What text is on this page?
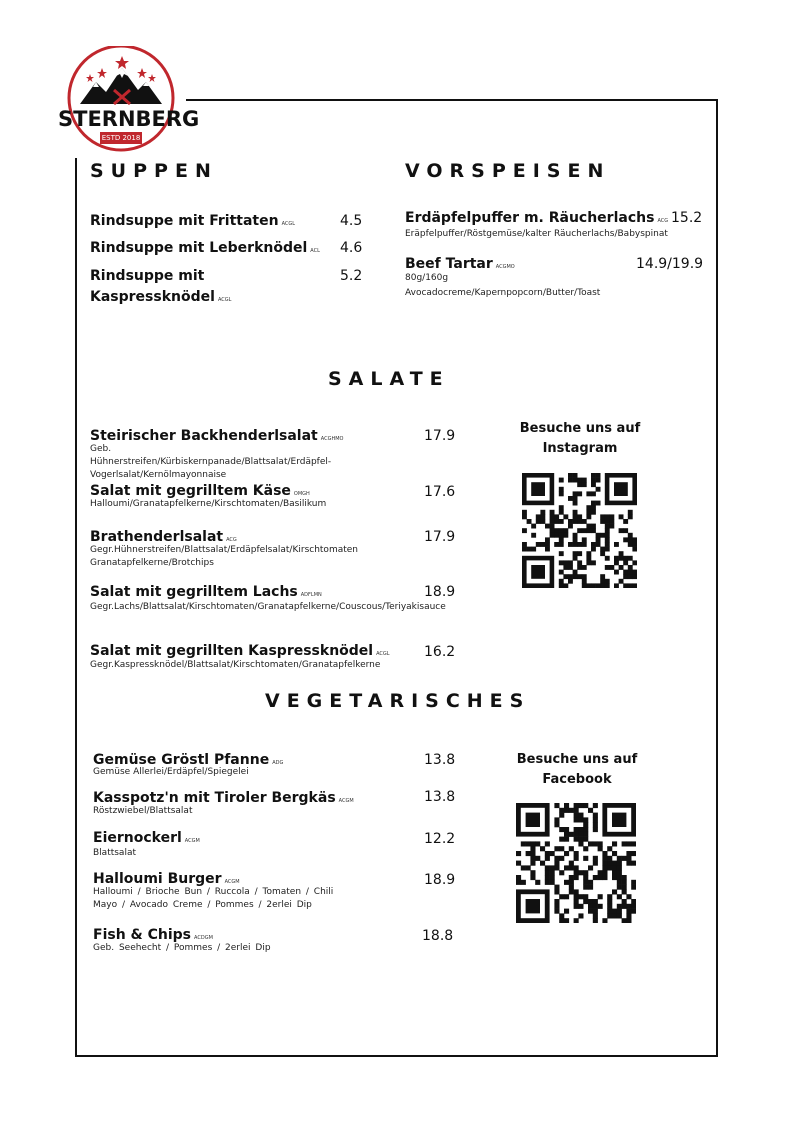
STERNBERG
ESTD 2018
SUPPEN
Rindsuppe mit Frittaten ACGL	4.5
Rindsuppe mit Leberknödel ACL 4.6
Rindsuppe mit Kaspressknödel ACGL
5.2
VORSPEISEN
Erdäpfelpuffer m. Räucherlachs ACG 15.2
Eräpfelpuffer/Röstgemüse/kalter Räucherlachs/Babyspinat
Beef Tartar ACGMO	14.9/19.9
80g/160g
Avocadocreme/Kapernpopcorn/Butter/Toast
SALATE
Steirischer Backhenderlsalat ACGHMO	17.9
Geb. Hühnerstreifen/Kürbiskernpanade/Blattsalat/Erdäpfel-Vogerlsalat/Kernölmayonnaise
Salat mit gegrilltem Käse OMGH	17.6
Halloumi/Granatapfelkerne/Kirschtomaten/Basilikum
Brathenderlsalat ACG	17.9
Gegr.Hühnerstreifen/Blattsalat/Erdäpfelsalat/Kirschtomaten Granatapfelkerne/Brotchips
Salat mit gegrilltem Lachs ADFLMN	18.9
Gegr.Lachs/Blattsalat/Kirschtomaten/Granatapfelkerne/Couscous/Teriyakisauce
Salat mit gegrillten Kaspressknödel ACGL 16.2
Gegr.Kaspressknödel/Blattsalat/Kirschtomaten/Granatapfelkerne
Besuche uns auf Instagram
VEGETARISCHES
Gemüse Gröstl Pfanne ADG	13.8
Gemüse Allerlei/Erdäpfel/Spiegelei
Kasspotz'n mit Tiroler Bergkäs ACGM	13.8
Röstzwiebel/Blattsalat
Eiernockerl ACGM	12.2
Blattsalat
Halloumi Burger ACGM	18.9
Halloumi / Brioche Bun / Ruccola / Tomaten / Chili Mayo / Avocado Creme / Pommes / 2erlei Dip
Fish & Chips ACDGM	18.8
Geb. Seehecht / Pommes / 2erlei Dip
Besuche uns auf Facebook
